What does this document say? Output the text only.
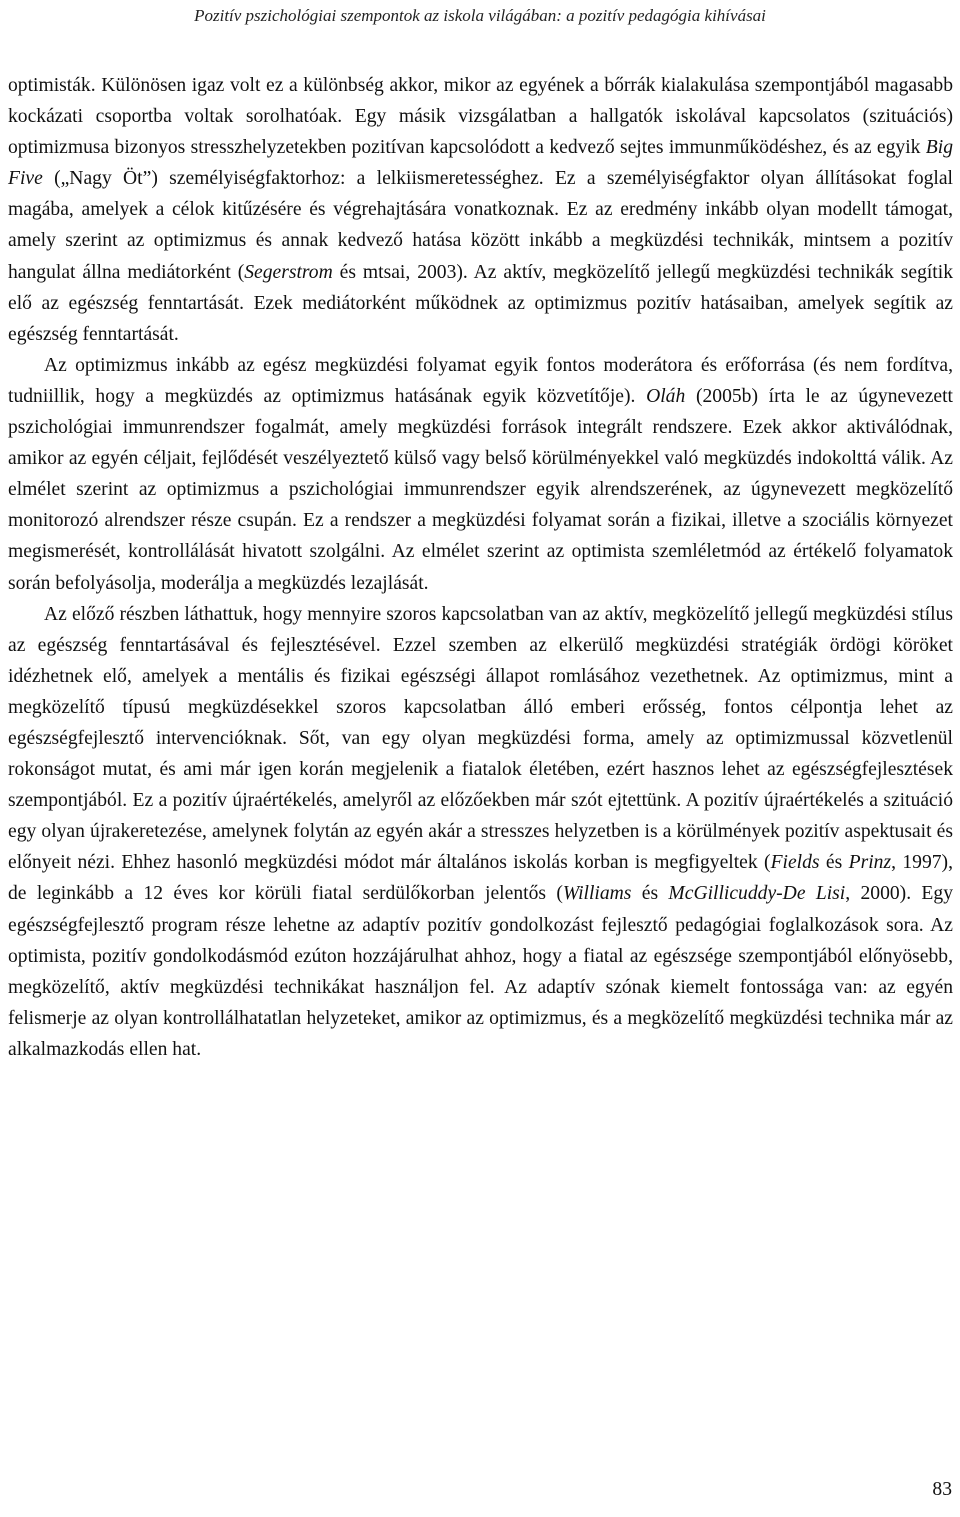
Pozitív pszichológiai szempontok az iskola világában: a pozitív pedagógia kihívásai

optimisták. Különösen igaz volt ez a különbség akkor, mikor az egyének a bőrrák kialakulása szempontjából magasabb kockázati csoportba voltak sorolhatóak. Egy másik vizsgálatban a hallgatók iskolával kapcsolatos (szituációs) optimizmusa bizonyos stresszhelyzetekben pozitívan kapcsolódott a kedvező sejtes immunműködéshez, és az egyik Big Five („Nagy Öt”) személyiségfaktorhoz: a lelkiismeretességhez. Ez a személyiségfaktor olyan állításokat foglal magába, amelyek a célok kitűzésére és végrehajtására vonatkoznak. Ez az eredmény inkább olyan modellt támogat, amely szerint az optimizmus és annak kedvező hatása között inkább a megküzdési technikák, mintsem a pozitív hangulat állna mediátorként (Segerstrom és mtsai, 2003). Az aktív, megközelítő jellegű megküzdési technikák segítik elő az egészség fenntartását. Ezek mediátorként működnek az optimizmus pozitív hatásaiban, amelyek segítik az egészség fenntartását.

Az optimizmus inkább az egész megküzdési folyamat egyik fontos moderátora és erőforrása (és nem fordítva, tudniillik, hogy a megküzdés az optimizmus hatásának egyik közvetítője). Oláh (2005b) írta le az úgynevezett pszichológiai immunrendszer fogalmát, amely megküzdési források integrált rendszere. Ezek akkor aktiválódnak, amikor az egyén céljait, fejlődését veszélyeztető külső vagy belső körülményekkel való megküzdés indokolttá válik. Az elmélet szerint az optimizmus a pszichológiai immunrendszer egyik alrendszerének, az úgynevezett megközelítő monitorozó alrendszer része csupán. Ez a rendszer a megküzdési folyamat során a fizikai, illetve a szociális környezet megismerését, kontrollálását hivatott szolgálni. Az elmélet szerint az optimista szemléletmód az értékelő folyamatok során befolyásolja, moderálja a megküzdés lezajlását.

Az előző részben láthattuk, hogy mennyire szoros kapcsolatban van az aktív, megközelítő jellegű megküzdési stílus az egészség fenntartásával és fejlesztésével. Ezzel szemben az elkerülő megküzdési stratégiák ördögi köröket idézhetnek elő, amelyek a mentális és fizikai egészségi állapot romlásához vezethetnek. Az optimizmus, mint a megközelítő típusú megküzdésekkel szoros kapcsolatban álló emberi erősség, fontos célpontja lehet az egészségfejlesztő intervencióknak. Sőt, van egy olyan megküzdési forma, amely az optimizmussal közvetlenül rokonságot mutat, és ami már igen korán megjelenik a fiatalok életében, ezért hasznos lehet az egészségfejlesztések szempontjából. Ez a pozitív újraértékelés, amelyről az előzőekben már szót ejtettünk. A pozitív újraértékelés a szituáció egy olyan újrakeretezése, amelynek folytán az egyén akár a stresszes helyzetben is a körülmények pozitív aspektusait és előnyeit nézi. Ehhez hasonló megküzdési módot már általános iskolás korban is megfigyeltek (Fields és Prinz, 1997), de leginkább a 12 éves kor körüli fiatal serdülőkorban jelentős (Williams és McGillicuddy-De Lisi, 2000). Egy egészségfejlesztő program része lehetne az adaptív pozitív gondolkozást fejlesztő pedagógiai foglalkozások sora. Az optimista, pozitív gondolkodásmód ezúton hozzájárulhat ahhoz, hogy a fiatal az egészsége szempontjából előnyösebb, megközelítő, aktív megküzdési technikákat használjon fel. Az adaptív szónak kiemelt fontossága van: az egyén felismerje az olyan kontrollálhatatlan helyzeteket, amikor az optimizmus, és a megközelítő megküzdési technika már az alkalmazkodás ellen hat.

83
